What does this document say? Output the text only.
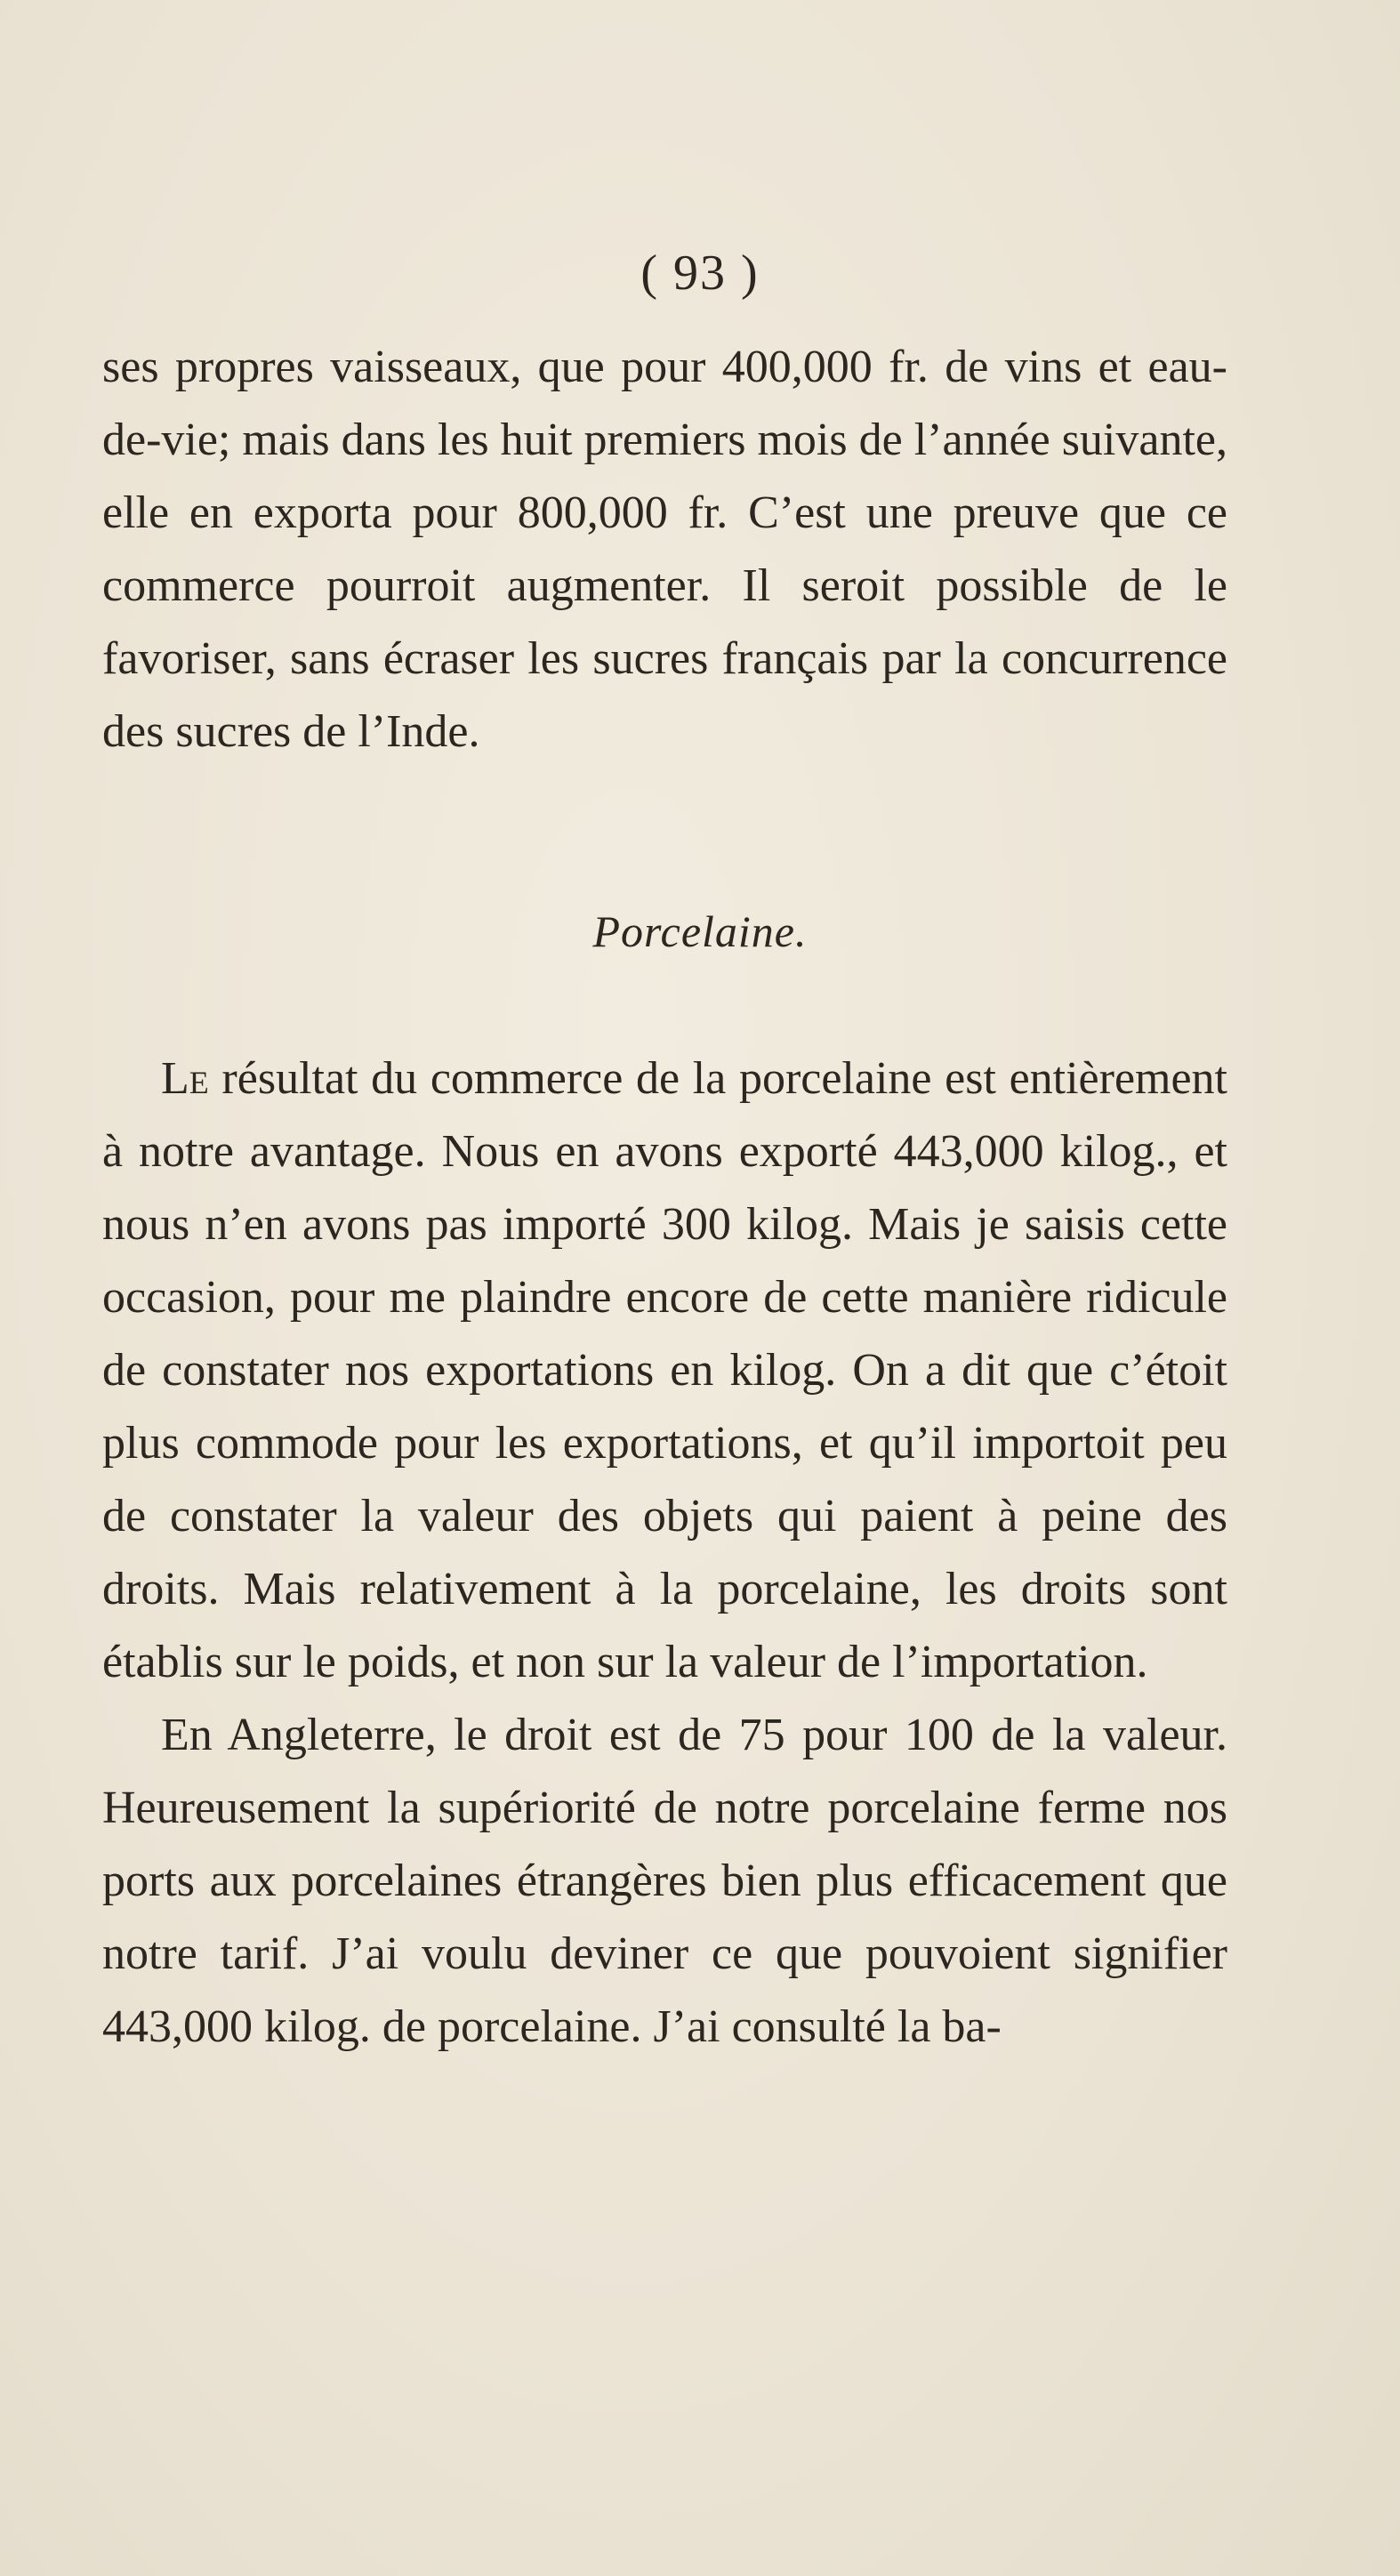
( 93 )

ses propres vaisseaux, que pour 400,000 fr. de vins et eau-de-vie; mais dans les huit premiers mois de l’année suivante, elle en exporta pour 800,000 fr. C’est une preuve que ce commerce pourroit augmenter. Il seroit possible de le favoriser, sans écraser les sucres français par la concurrence des sucres de l’Inde.

Porcelaine.

Le résultat du commerce de la porcelaine est entièrement à notre avantage. Nous en avons exporté 443,000 kilog., et nous n’en avons pas importé 300 kilog. Mais je saisis cette occasion, pour me plaindre encore de cette manière ridicule de constater nos exportations en kilog. On a dit que c’étoit plus commode pour les exportations, et qu’il importoit peu de constater la valeur des objets qui paient à peine des droits. Mais relativement à la porcelaine, les droits sont établis sur le poids, et non sur la valeur de l’importation.

En Angleterre, le droit est de 75 pour 100 de la valeur. Heureusement la supériorité de notre porcelaine ferme nos ports aux porcelaines étrangères bien plus efficacement que notre tarif. J’ai voulu deviner ce que pouvoient signifier 443,000 kilog. de porcelaine. J’ai consulté la ba-
